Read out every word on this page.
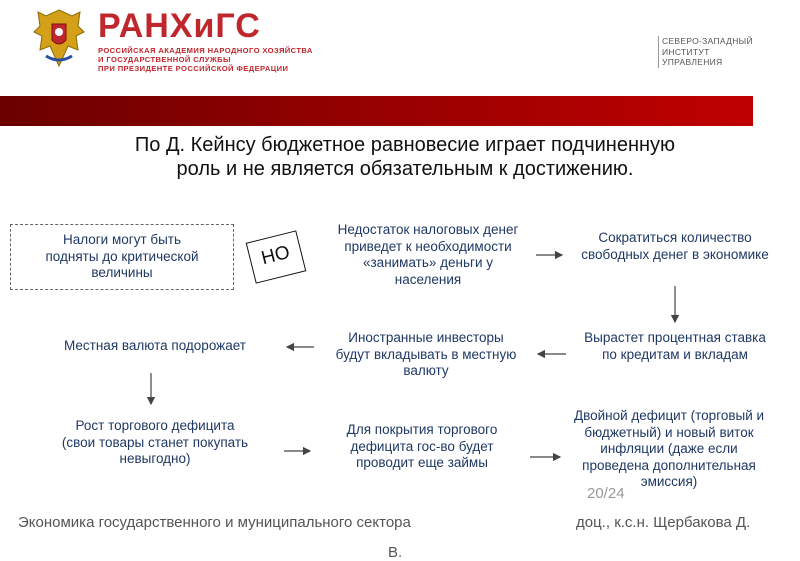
РАНХиГС
РОССИЙСКАЯ АКАДЕМИЯ НАРОДНОГО ХОЗЯЙСТВА
И ГОСУДАРСТВЕННОЙ СЛУЖБЫ
ПРИ ПРЕЗИДЕНТЕ РОССИЙСКОЙ ФЕДЕРАЦИИ
СЕВЕРО-ЗАПАДНЫЙ
ИНСТИТУТ
УПРАВЛЕНИЯ
По Д. Кейнсу бюджетное равновесие играет подчиненную
роль и не является обязательным к достижению.
Налоги могут быть
подняты до критической
величины
НО
Недостаток налоговых денег
приведет к необходимости
«занимать» деньги у
населения
Сократиться количество
свободных денег в экономике
Вырастет процентная ставка
по кредитам и вкладам
Иностранные инвесторы
будут вкладывать в местную
валюту
Местная валюта подорожает
Рост торгового дефицита
(свои товары станет покупать
невыгодно)
Для покрытия торгового
дефицита гос-во будет
проводит еще займы
Двойной дефицит (торговый и
бюджетный) и новый виток
инфляции (даже если
проведена дополнительная
эмиссия)
20/24
Экономика государственного и муниципального сектора	доц., к.с.н. Щербакова Д.
В.
